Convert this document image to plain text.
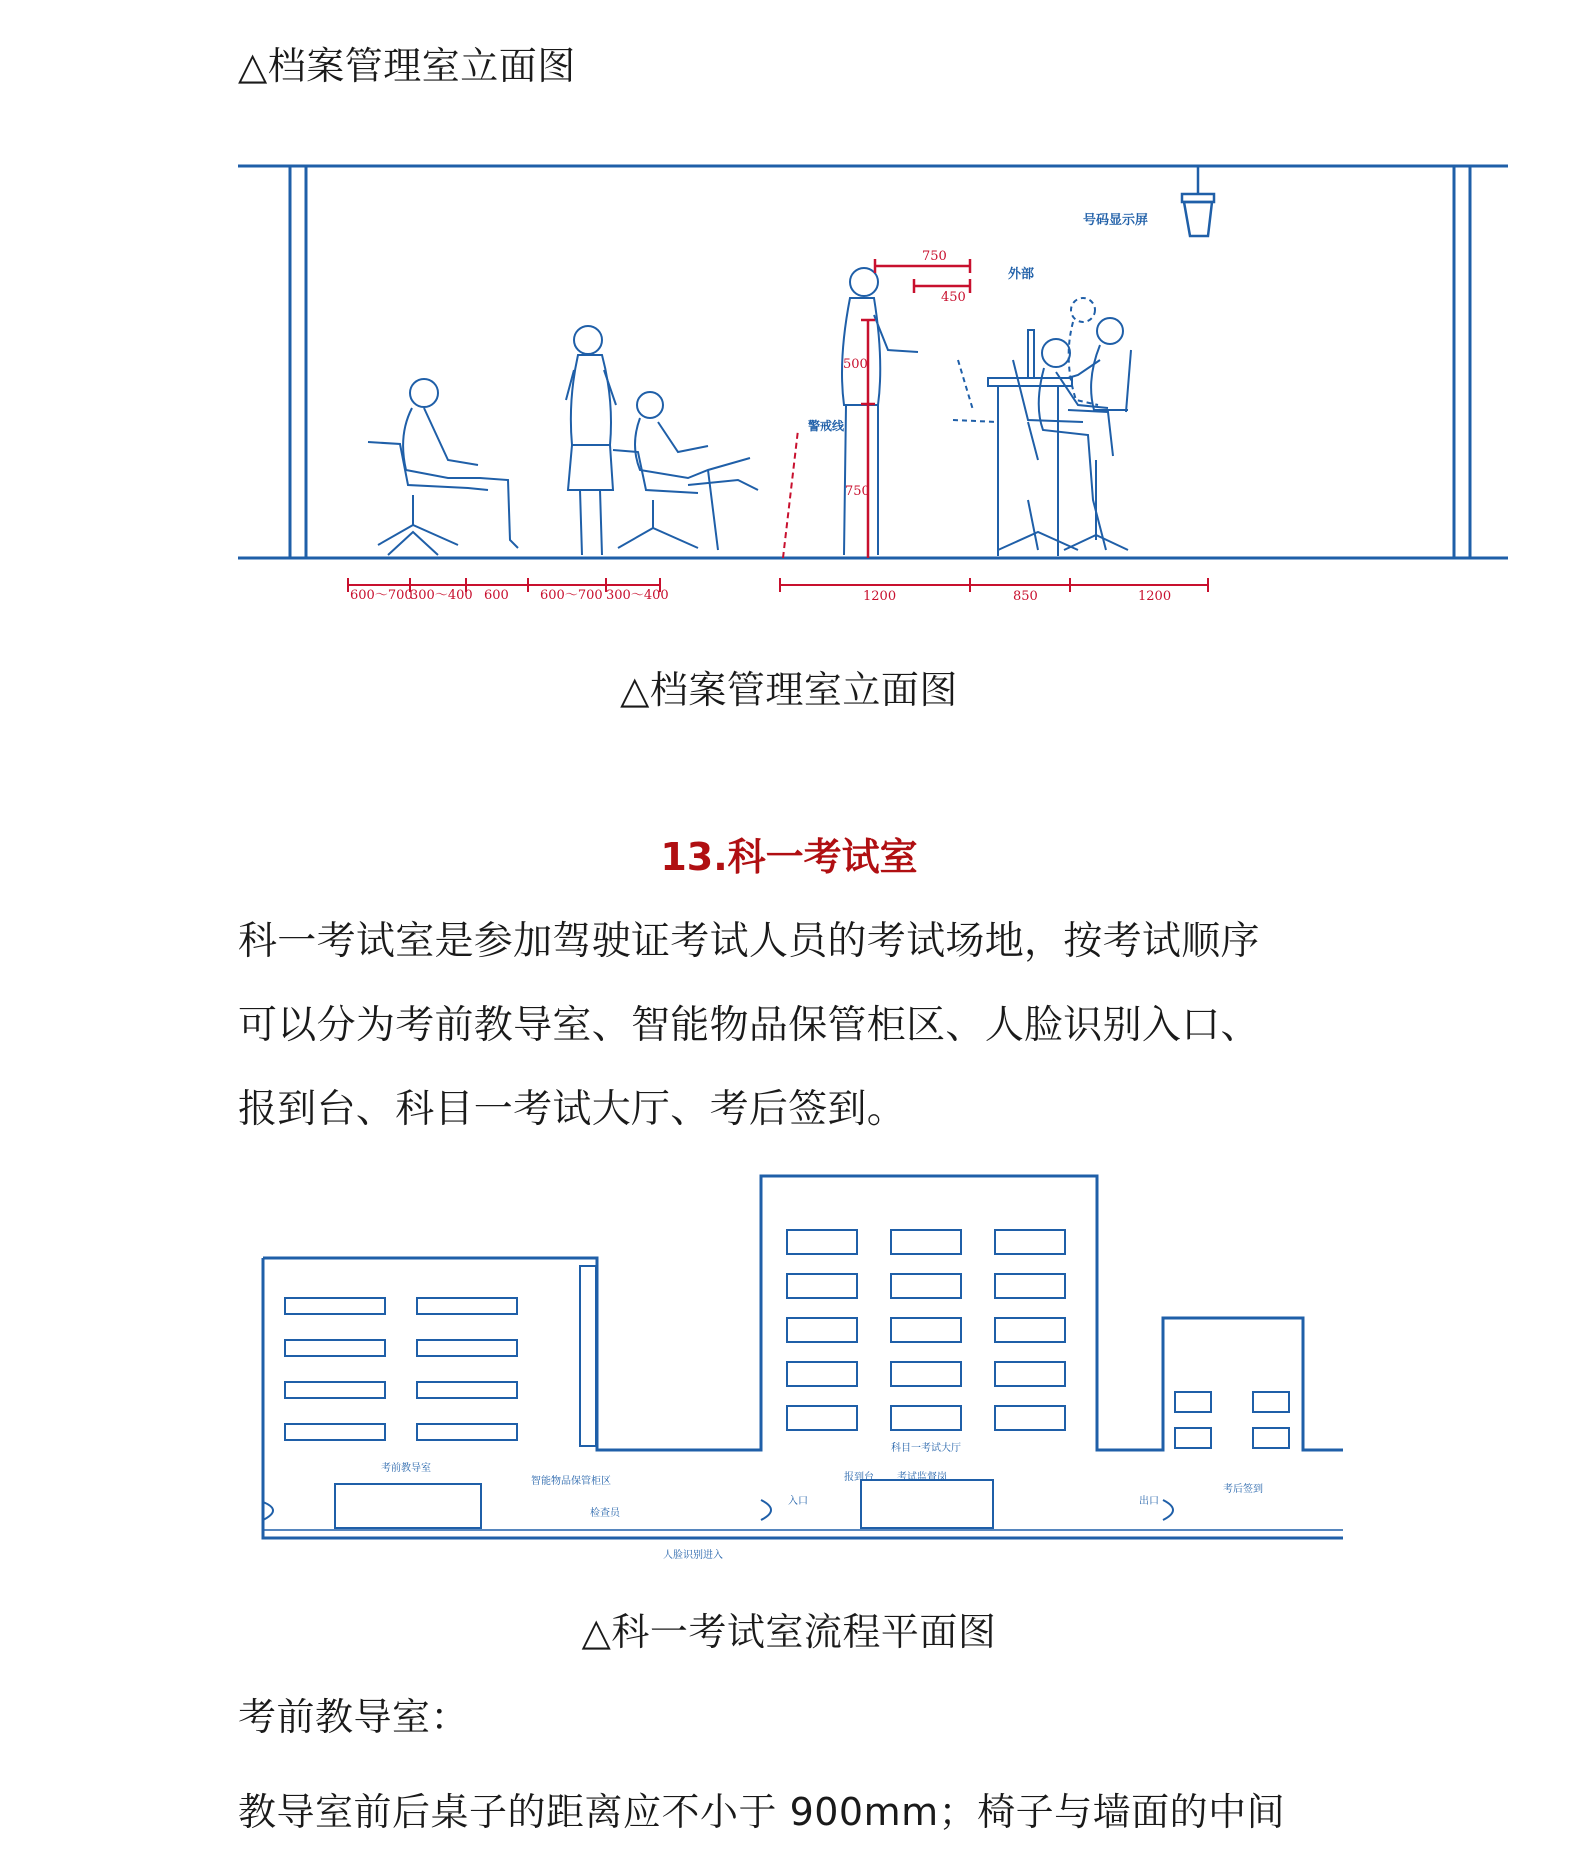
△档案管理室立面图
号码显示屏
外部
警戒线
750
450
500
750
600～700
300～400 600 600～700 300～400	1200	850	1200
△档案管理室立面图
13.科一考试室
科一考试室是参加驾驶证考试人员的考试场地，按考试顺序
可以分为考前教导室、智能物品保管柜区、人脸识别入口、
报到台、科目一考试大厅、考后签到。
考前教导室
智能物品保管柜区
检查员
人脸识别进入
入口
报到台 考试监督岗
科目一考试大厅
出口
考后签到
△科一考试室流程平面图
考前教导室：
教导室前后桌子的距离应不小于 900mm；椅子与墙面的中间
